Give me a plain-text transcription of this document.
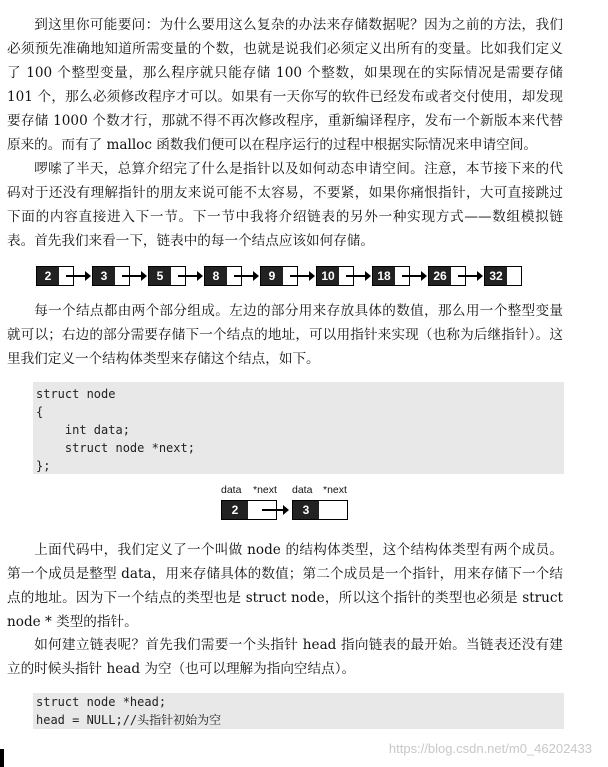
到这里你可能要问：为什么要用这么复杂的办法来存储数据呢？因为之前的方法，我们必须预先准确地知道所需变量的个数，也就是说我们必须定义出所有的变量。比如我们定义了 100 个整型变量，那么程序就只能存储 100 个整数，如果现在的实际情况是需要存储 101 个，那么必须修改程序才可以。如果有一天你写的软件已经发布或者交付使用，却发现要存储 1000 个数才行，那就不得不再次修改程序，重新编译程序，发布一个新版本来代替原来的。而有了 malloc 函数我们便可以在程序运行的过程中根据实际情况来申请空间。

啰嗦了半天，总算介绍完了什么是指针以及如何动态申请空间。注意，本节接下来的代码对于还没有理解指针的朋友来说可能不太容易，不要紧，如果你痛恨指针，大可直接跳过下面的内容直接进入下一节。下一节中我将介绍链表的另外一种实现方式——数组模拟链表。 首先我们来看一下，链表中的每一个结点应该如何存储。

2	3	5	8	9	10	18	26	32

每一个结点都由两个部分组成。左边的部分用来存放具体的数值，那么用一个整型变量就可以；右边的部分需要存储下一个结点的地址，可以用指针来实现（也称为后继指针）。这里我们定义一个结构体类型来存储这个结点，如下。

struct node
{
int data;
struct node *next;
};
data *next data *next
2	3

上面代码中，我们定义了一个叫做 node 的结构体类型，这个结构体类型有两个成员。第一个成员是整型 data，用来存储具体的数值；第二个成员是一个指针，用来存储下一个结点的地址。因为下一个结点的类型也是 struct node，所以这个指针的类型也必须是 struct node * 类型的指针。

如何建立链表呢？首先我们需要一个头指针 head 指向链表的最开始。当链表还没有建立的时候头指针 head 为空（也可以理解为指向空结点）。

struct node *head;
head = NULL;//头指针初始为空
https://blog.csdn.net/m0_46202433
